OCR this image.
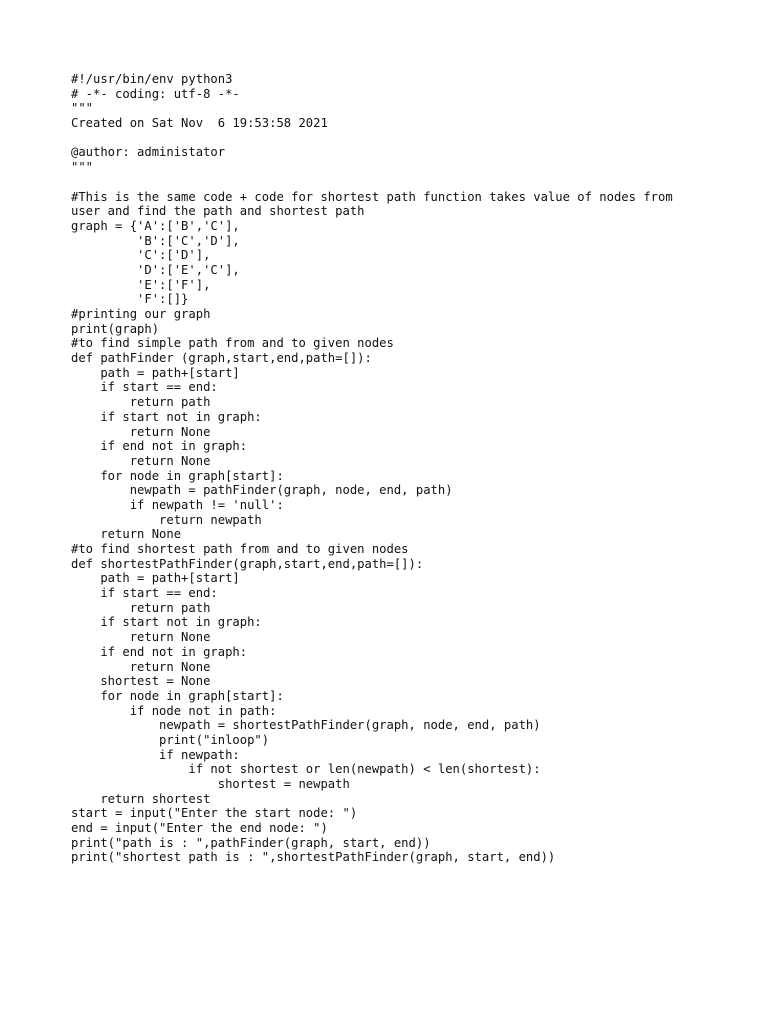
#!/usr/bin/env python3
# -*- coding: utf-8 -*-
"""
Created on Sat Nov  6 19:53:58 2021
@author: administator
"""
#This is the same code + code for shortest path function takes value of nodes from
user and find the path and shortest path
graph = {'A':['B','C'],
'B':['C','D'],
'C':['D'],
'D':['E','C'],
'E':['F'],
'F':[]}
#printing our graph
print(graph)
#to find simple path from and to given nodes
def pathFinder (graph,start,end,path=[]):
path = path+[start]
if start == end:
return path
if start not in graph:
return None
if end not in graph:
return None
for node in graph[start]:
newpath = pathFinder(graph, node, end, path)
if newpath != 'null':
return newpath
return None
#to find shortest path from and to given nodes
def shortestPathFinder(graph,start,end,path=[]):
path = path+[start]
if start == end:
return path
if start not in graph:
return None
if end not in graph:
return None
shortest = None
for node in graph[start]:
if node not in path:
newpath = shortestPathFinder(graph, node, end, path)
print("inloop")
if newpath:
if not shortest or len(newpath) < len(shortest):
shortest = newpath
return shortest
start = input("Enter the start node: ")
end = input("Enter the end node: ")
print("path is : ",pathFinder(graph, start, end))
print("shortest path is : ",shortestPathFinder(graph, start, end))
